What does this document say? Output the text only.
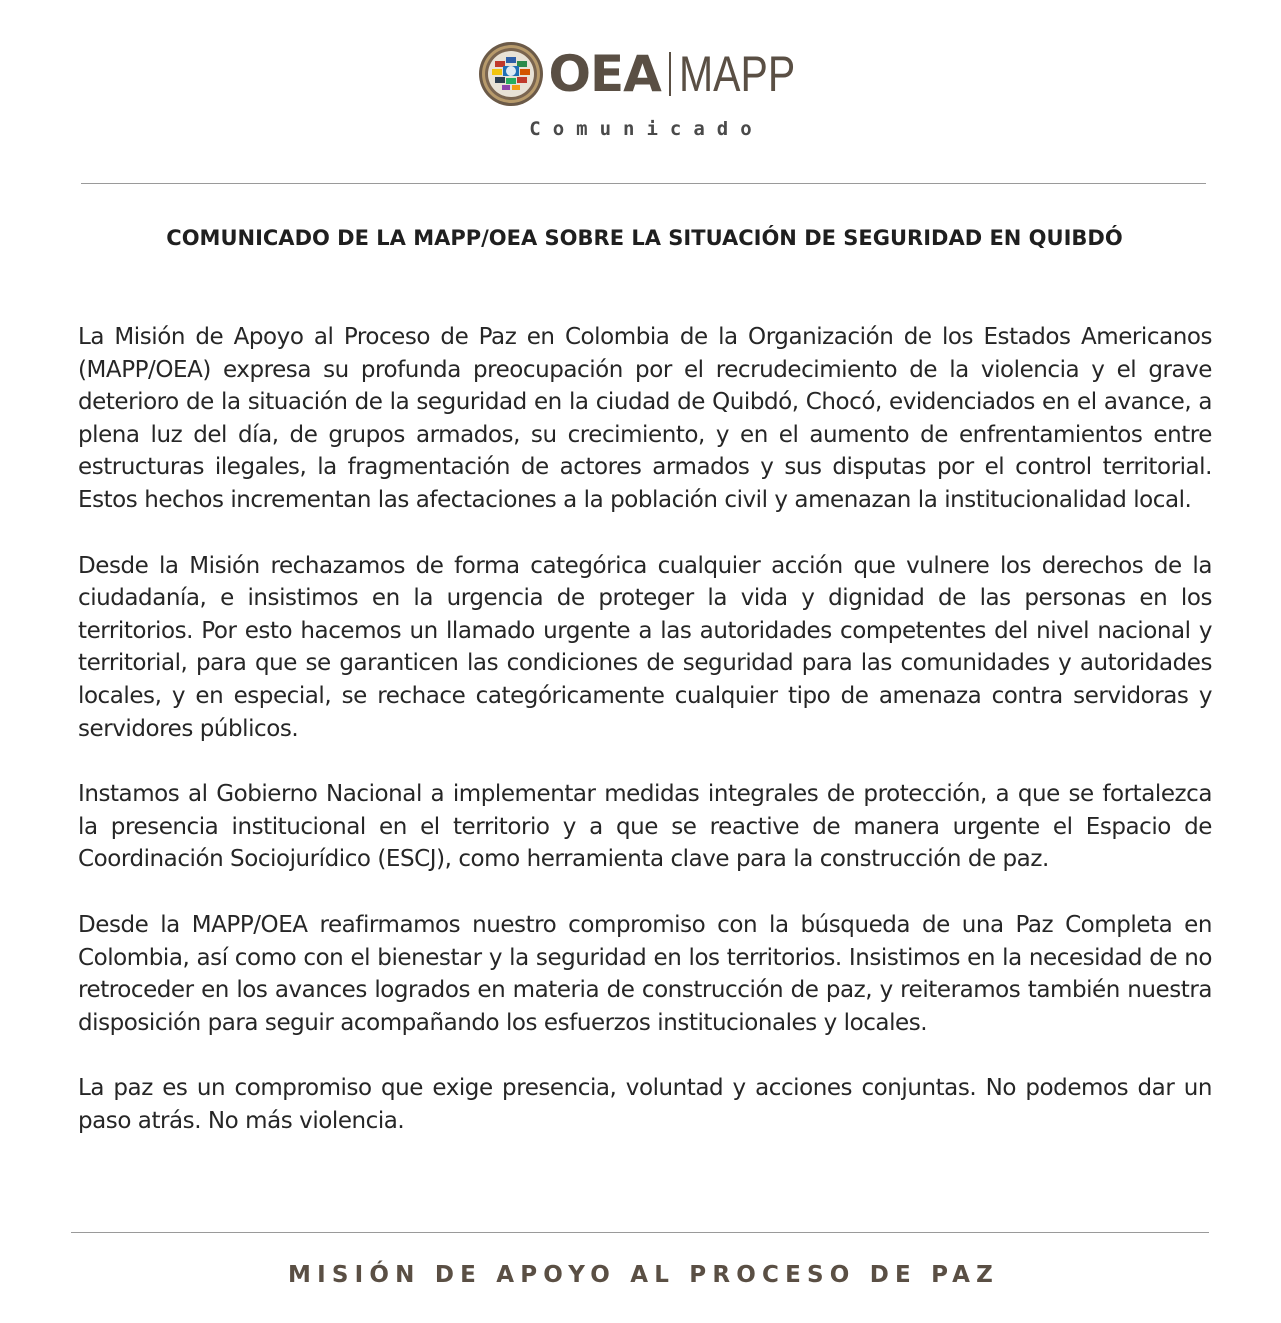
OEA MAPP
Comunicado
COMUNICADO DE LA MAPP/OEA SOBRE LA SITUACIÓN DE SEGURIDAD EN QUIBDÓ

La Misión de Apoyo al Proceso de Paz en Colombia de la Organización de los Estados Americanos (MAPP/OEA) expresa su profunda preocupación por el recrudecimiento de la violencia y el grave deterioro de la situación de la seguridad en la ciudad de Quibdó, Chocó, evidenciados en el avance, a plena luz del día, de grupos armados, su crecimiento, y en el aumento de enfrentamientos entre estructuras ilegales, la fragmentación de actores armados y sus disputas por el control territorial. Estos hechos incrementan las afectaciones a la población civil y amenazan la institucionalidad local.

Desde la Misión rechazamos de forma categórica cualquier acción que vulnere los derechos de la ciudadanía, e insistimos en la urgencia de proteger la vida y dignidad de las personas en los territorios. Por esto hacemos un llamado urgente a las autoridades competentes del nivel nacional y territorial, para que se garanticen las condiciones de seguridad para las comunidades y autoridades locales, y en especial, se rechace categóricamente cualquier tipo de amenaza contra servidoras y servidores públicos.

Instamos al Gobierno Nacional a implementar medidas integrales de protección, a que se fortalezca la presencia institucional en el territorio y a que se reactive de manera urgente el Espacio de Coordinación Sociojurídico (ESCJ), como herramienta clave para la construcción de paz.

Desde la MAPP/OEA reafirmamos nuestro compromiso con la búsqueda de una Paz Completa en Colombia, así como con el bienestar y la seguridad en los territorios. Insistimos en la necesidad de no retroceder en los avances logrados en materia de construcción de paz, y reiteramos también nuestra disposición para seguir acompañando los esfuerzos institucionales y locales.

La paz es un compromiso que exige presencia, voluntad y acciones conjuntas. No podemos dar un paso atrás. No más violencia.

MISIÓN DE APOYO AL PROCESO DE PAZ
